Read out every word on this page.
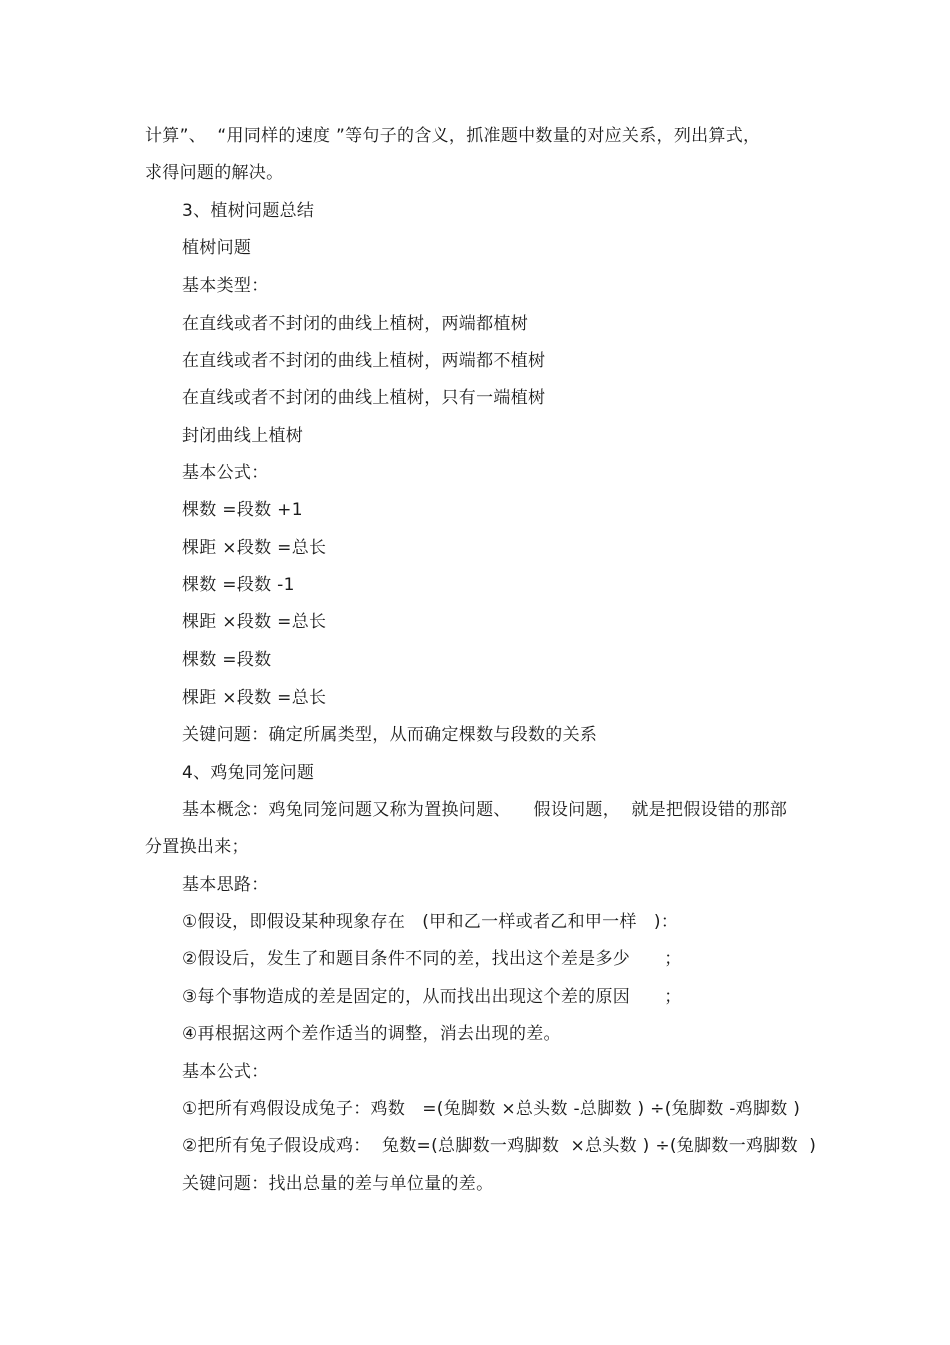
计算”、  “用同样的速度 ”等句子的含义，抓准题中数量的对应关系，列出算式，
求得问题的解决。
3、植树问题总结
植树问题
基本类型：
在直线或者不封闭的曲线上植树，两端都植树
在直线或者不封闭的曲线上植树，两端都不植树
在直线或者不封闭的曲线上植树，只有一端植树
封闭曲线上植树
基本公式：
棵数 =段数 +1
棵距 ×段数 =总长
棵数 =段数 -1
棵距 ×段数 =总长
棵数 =段数
棵距 ×段数 =总长
关键问题：确定所属类型，从而确定棵数与段数的关系
4、鸡兔同笼问题
基本概念：鸡兔同笼问题又称为置换问题、    假设问题，  就是把假设错的那部
分置换出来；
基本思路：
①假设，即假设某种现象存在   (甲和乙一样或者乙和甲一样   )：
②假设后，发生了和题目条件不同的差，找出这个差是多少      ；
③每个事物造成的差是固定的，从而找出出现这个差的原因      ；
④再根据这两个差作适当的调整，消去出现的差。
基本公式：
①把所有鸡假设成兔子：鸡数   =(兔脚数 ×总头数 -总脚数 ) ÷(兔脚数 -鸡脚数 )
②把所有兔子假设成鸡：  兔数=(总脚数一鸡脚数  ×总头数 ) ÷(兔脚数一鸡脚数  )
关键问题：找出总量的差与单位量的差。
